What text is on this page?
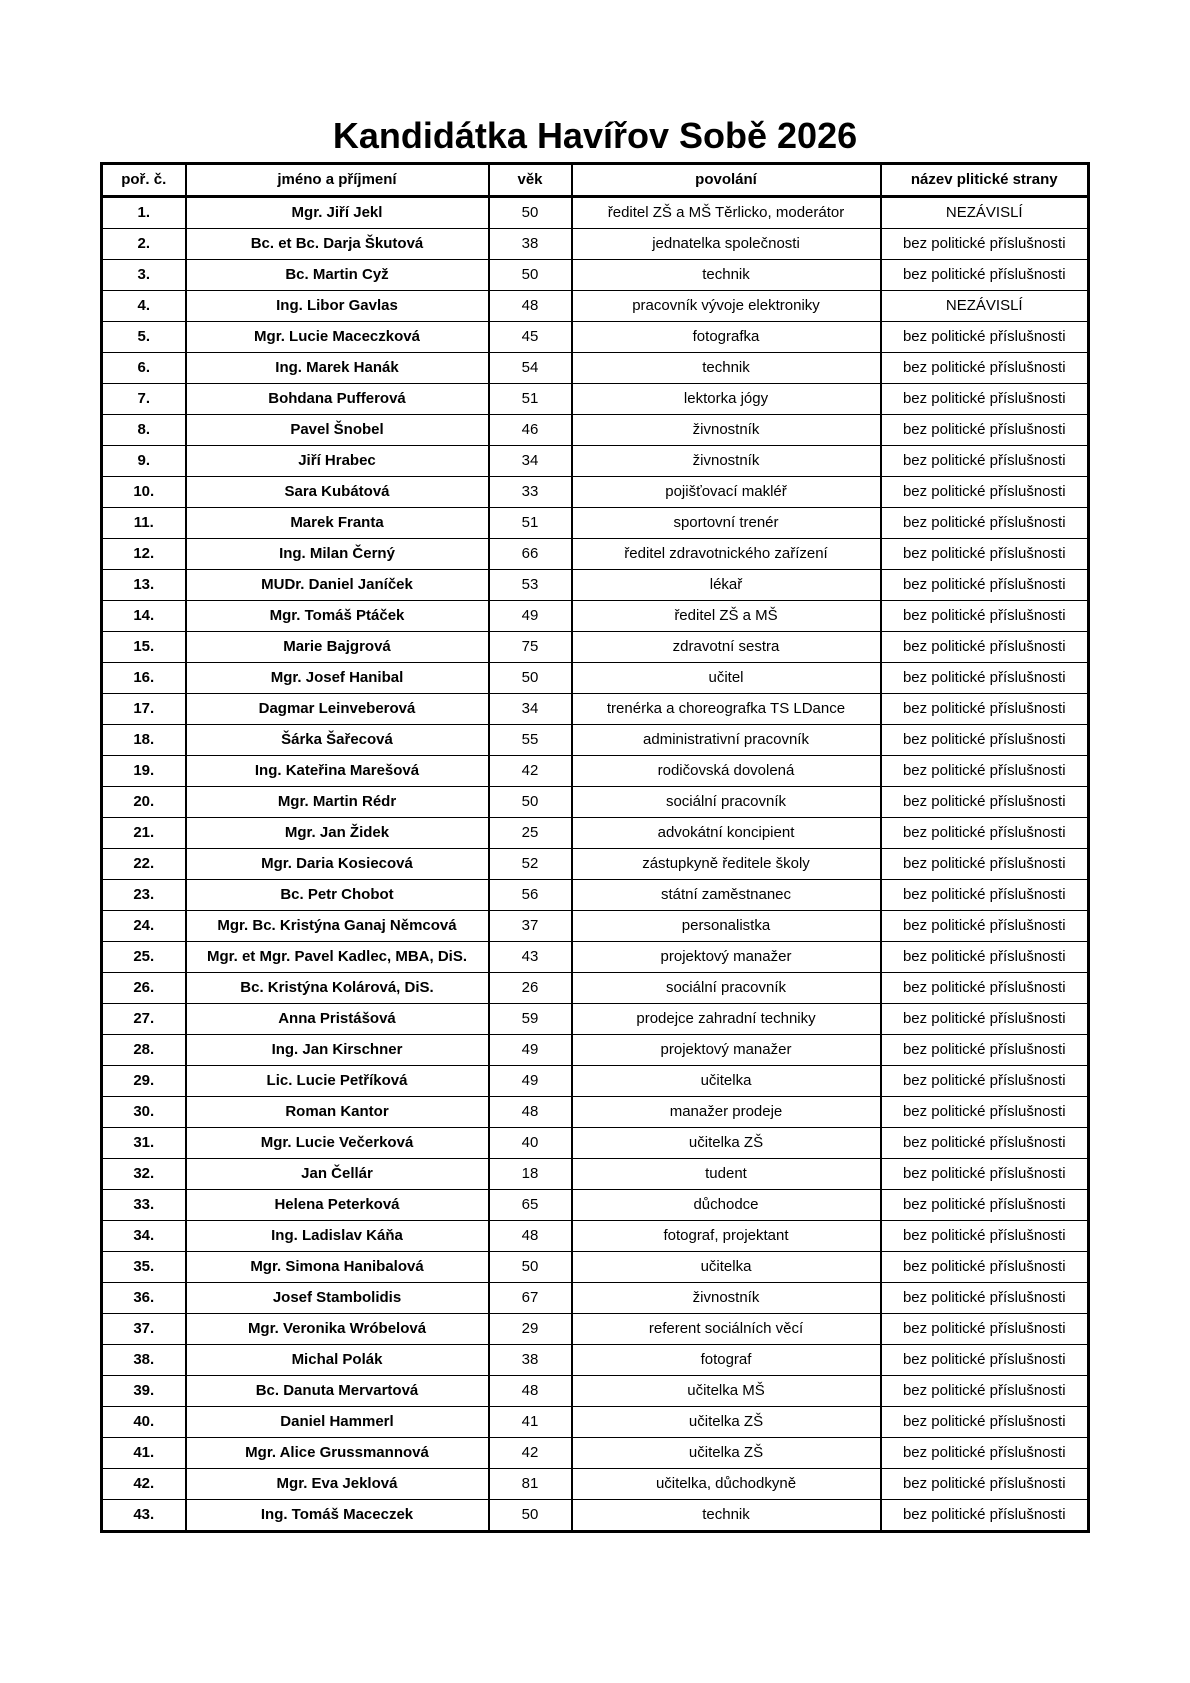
Kandidátka Havířov Sobě 2026
poř. č.	jméno a příjmení	věk	povolání	název plitické strany
1.	Mgr. Jiří Jekl	50	ředitel ZŠ a MŠ Těrlicko, moderátor	NEZÁVISLÍ
2.	Bc. et Bc. Darja Škutová	38	jednatelka společnosti	bez politické příslušnosti
3.	Bc. Martin Cyž	50	technik	bez politické příslušnosti
4.	Ing. Libor Gavlas	48	pracovník vývoje elektroniky	NEZÁVISLÍ
5.	Mgr. Lucie Maceczková	45	fotografka	bez politické příslušnosti
6.	Ing. Marek Hanák	54	technik	bez politické příslušnosti
7.	Bohdana Pufferová	51	lektorka jógy	bez politické příslušnosti
8.	Pavel Šnobel	46	živnostník	bez politické příslušnosti
9.	Jiří Hrabec	34	živnostník	bez politické příslušnosti
10.	Sara Kubátová	33	pojišťovací makléř	bez politické příslušnosti
11.	Marek Franta	51	sportovní trenér	bez politické příslušnosti
12.	Ing. Milan Černý	66	ředitel zdravotnického zařízení	bez politické příslušnosti
13.	MUDr. Daniel Janíček	53	lékař	bez politické příslušnosti
14.	Mgr. Tomáš Ptáček	49	ředitel ZŠ a MŠ	bez politické příslušnosti
15.	Marie Bajgrová	75	zdravotní sestra	bez politické příslušnosti
16.	Mgr. Josef Hanibal	50	učitel	bez politické příslušnosti
17.	Dagmar Leinveberová	34	trenérka a choreografka TS LDance	bez politické příslušnosti
18.	Šárka Šařecová	55	administrativní pracovník	bez politické příslušnosti
19.	Ing. Kateřina Marešová	42	rodičovská dovolená	bez politické příslušnosti
20.	Mgr. Martin Rédr	50	sociální pracovník	bez politické příslušnosti
21.	Mgr. Jan Židek	25	advokátní koncipient	bez politické příslušnosti
22.	Mgr. Daria Kosiecová	52	zástupkyně ředitele školy	bez politické příslušnosti
23.	Bc. Petr Chobot	56	státní zaměstnanec	bez politické příslušnosti
24.	Mgr. Bc. Kristýna Ganaj Němcová	37	personalistka	bez politické příslušnosti
25.	Mgr. et Mgr. Pavel Kadlec, MBA, DiS.	43	projektový manažer	bez politické příslušnosti
26.	Bc. Kristýna Kolárová, DiS.	26	sociální pracovník	bez politické příslušnosti
27.	Anna Pristášová	59	prodejce zahradní techniky	bez politické příslušnosti
28.	Ing. Jan Kirschner	49	projektový manažer	bez politické příslušnosti
29.	Lic. Lucie Petříková	49	učitelka	bez politické příslušnosti
30.	Roman Kantor	48	manažer prodeje	bez politické příslušnosti
31.	Mgr. Lucie Večerková	40	učitelka ZŠ	bez politické příslušnosti
32.	Jan Čellár	18	tudent	bez politické příslušnosti
33.	Helena Peterková	65	důchodce	bez politické příslušnosti
34.	Ing. Ladislav Káňa	48	fotograf, projektant	bez politické příslušnosti
35.	Mgr. Simona Hanibalová	50	učitelka	bez politické příslušnosti
36.	Josef Stambolidis	67	živnostník	bez politické příslušnosti
37.	Mgr. Veronika Wróbelová	29	referent sociálních věcí	bez politické příslušnosti
38.	Michal Polák	38	fotograf	bez politické příslušnosti
39.	Bc. Danuta Mervartová	48	učitelka MŠ	bez politické příslušnosti
40.	Daniel Hammerl	41	učitelka ZŠ	bez politické příslušnosti
41.	Mgr. Alice Grussmannová	42	učitelka ZŠ	bez politické příslušnosti
42.	Mgr. Eva Jeklová	81	učitelka, důchodkyně	bez politické příslušnosti
43.	Ing. Tomáš Maceczek	50	technik	bez politické příslušnosti
